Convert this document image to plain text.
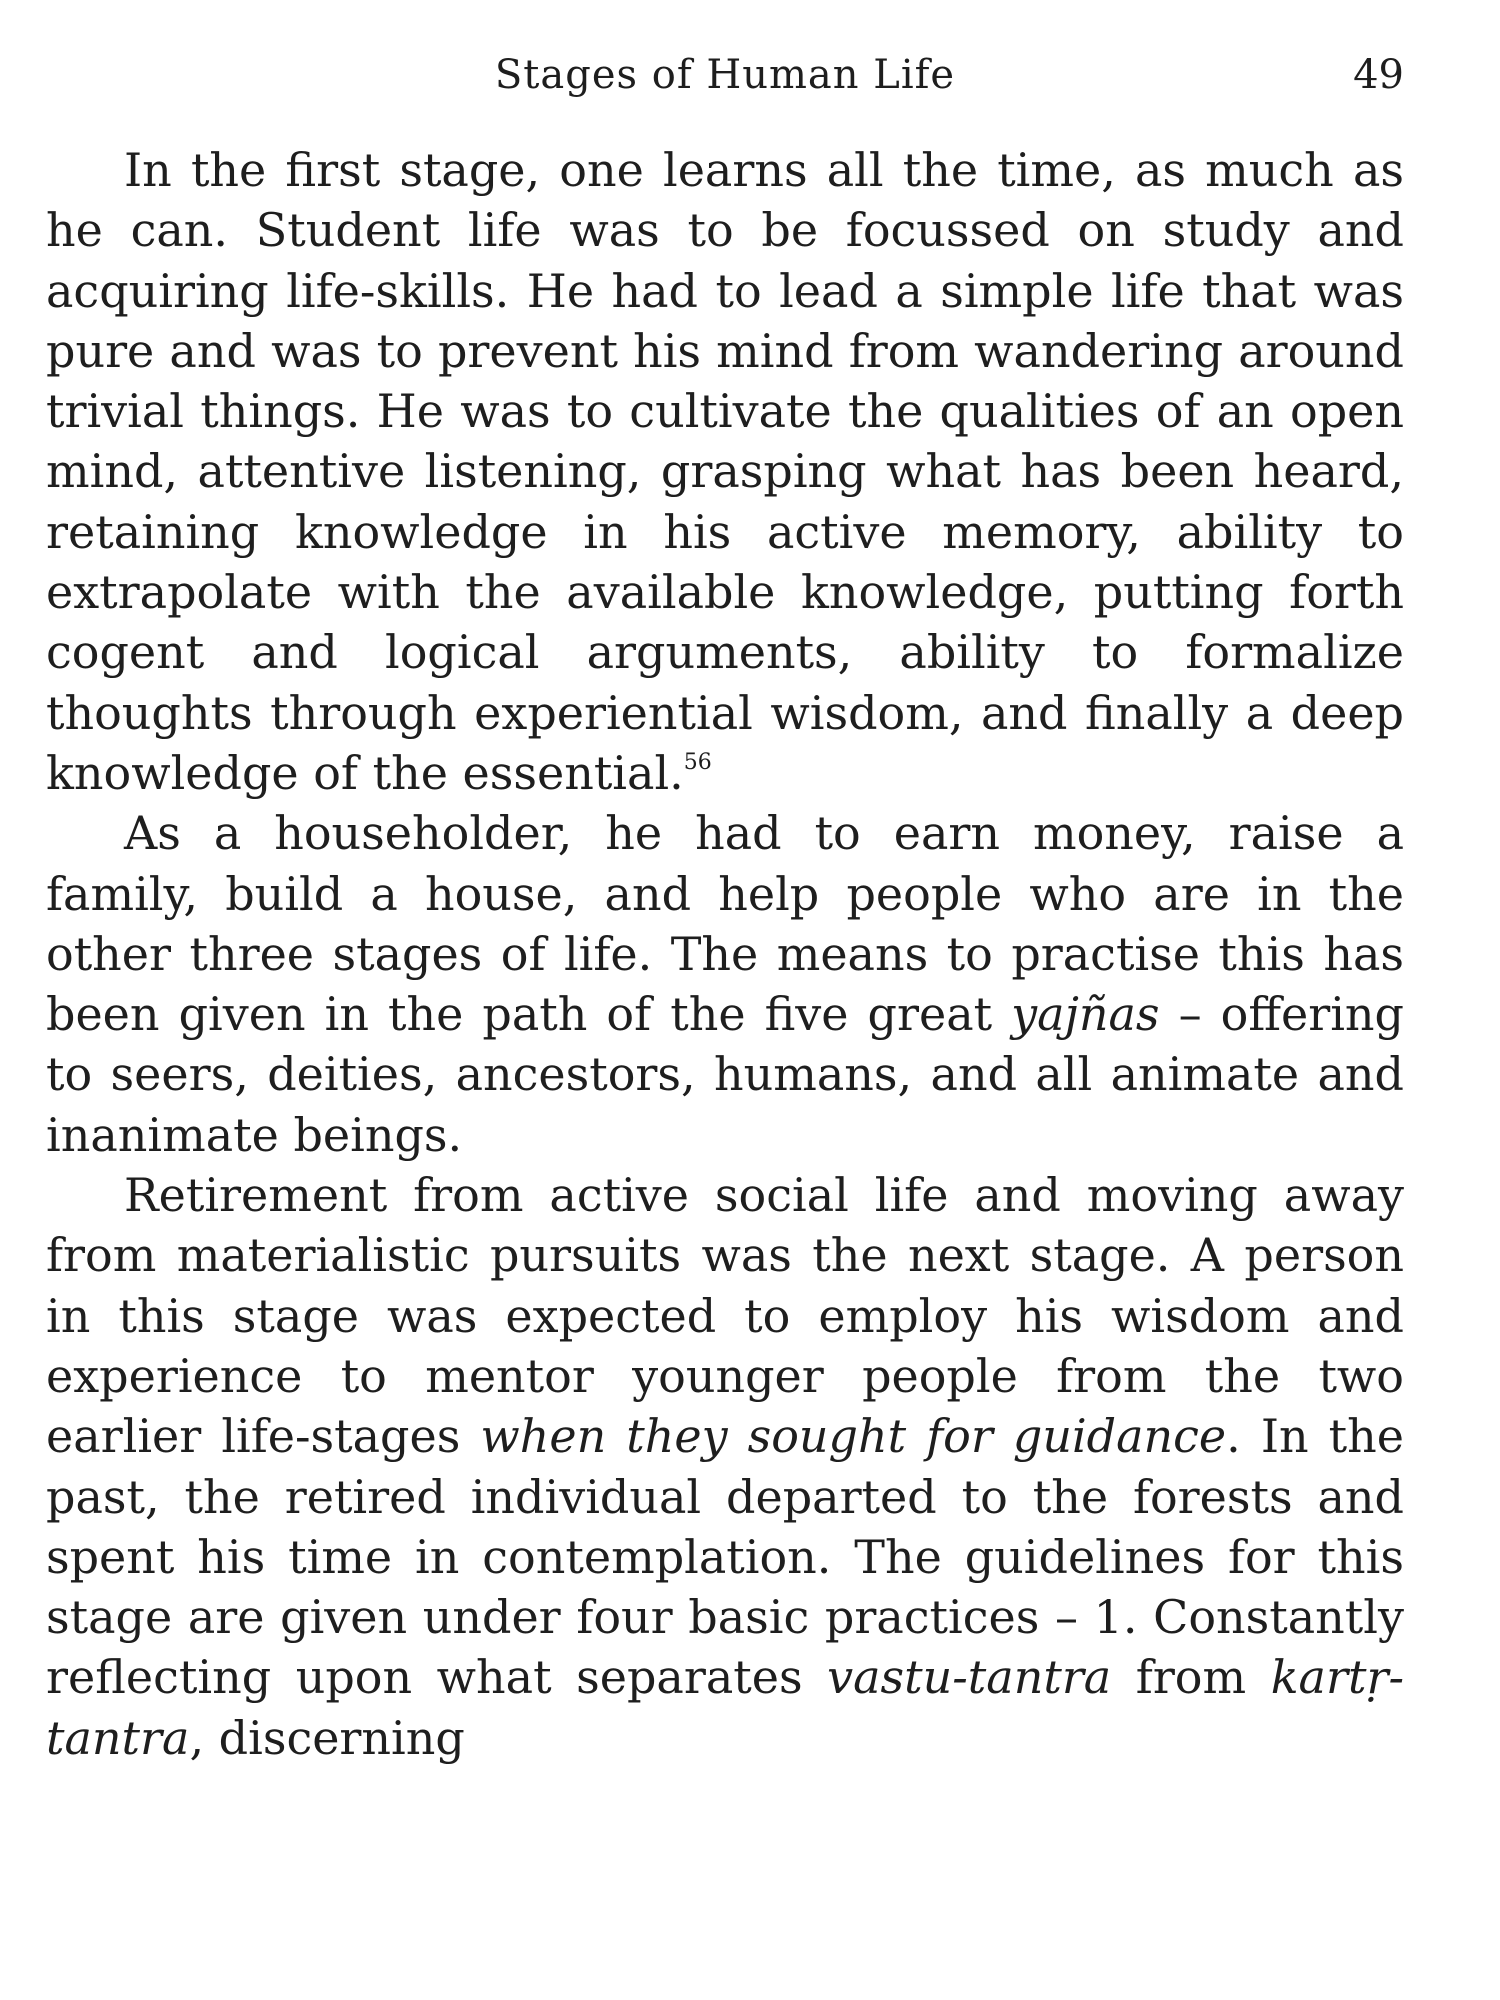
Stages of Human Life	49

In the first stage, one learns all the time, as much as he can. Student life was to be focussed on study and acquiring life-skills. He had to lead a simple life that was pure and was to prevent his mind from wandering around trivial things. He was to cultivate the qualities of an open mind, attentive listening, grasping what has been heard, retaining knowledge in his active memory, ability to extrapolate with the available knowledge, putting forth cogent and logical arguments, ability to formalize thoughts through experiential wisdom, and finally a deep knowledge of the essential.$^{56}$

As a householder, he had to earn money, raise a family, build a house, and help people who are in the other three stages of life. The means to practise this has been given in the path of the five great yajñas – offering to seers, deities, ancestors, humans, and all animate and inanimate beings.

Retirement from active social life and moving away from materialistic pursuits was the next stage. A person in this stage was expected to employ his wisdom and experience to mentor younger people from the two earlier life-stages when they sought for guidance. In the past, the retired individual departed to the forests and spent his time in contemplation. The guidelines for this stage are given under four basic practices – 1. Constantly reflecting upon what separates vastu-tantra from kartṛ-tantra, discerning
